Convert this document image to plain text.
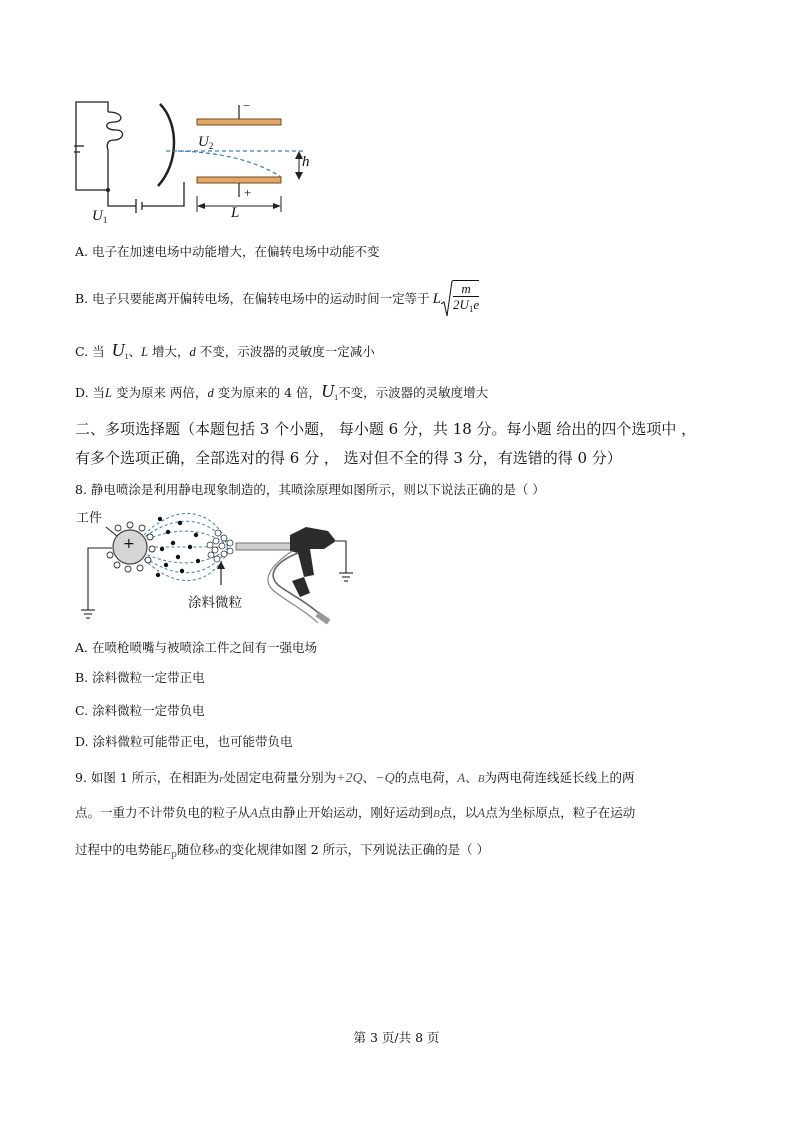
−
$U_2$
h
+
L
$U_1$
A. 电子在加速电场中动能增大，在偏转电场中动能不变
B. 电子只要能离开偏转电场，在偏转电场中的运动时间一定等于 L $\frac{m}{2U_1e}$
C. 当 $U_1$、L 增大，d 不变，示波器的灵敏度一定减小
D. 当L 变为原来 两倍，d 变为原来的 4 倍，$U_1$不变，示波器的灵敏度增大
二、多项选择题（本题包括 3 个小题， 每小题 6 分，共 18 分。每小题 给出的四个选项中 ，
有多个选项正确，全部选对的得 6 分 ， 选对但不全的得 3 分，有选错的得 0 分）
8. 静电喷涂是利用静电现象制造的，其喷涂原理如图所示，则以下说法正确的是（ ）
工件
+
涂料微粒
A. 在喷枪喷嘴与被喷涂工件之间有一强电场
B. 涂料微粒一定带正电
C. 涂料微粒一定带负电
D. 涂料微粒可能带正电，也可能带负电
9. 如图 1 所示，在相距为r处固定电荷量分别为+2Q、−Q的点电荷，A、B为两电荷连线延长线上的两
点。一重力不计带负电的粒子从A点由静止开始运动，刚好运动到B点，以A点为坐标原点，粒子在运动
过程中的电势能$E_p$随位移x的变化规律如图 2 所示，下列说法正确的是（ ）
第 3 页/共 8 页
